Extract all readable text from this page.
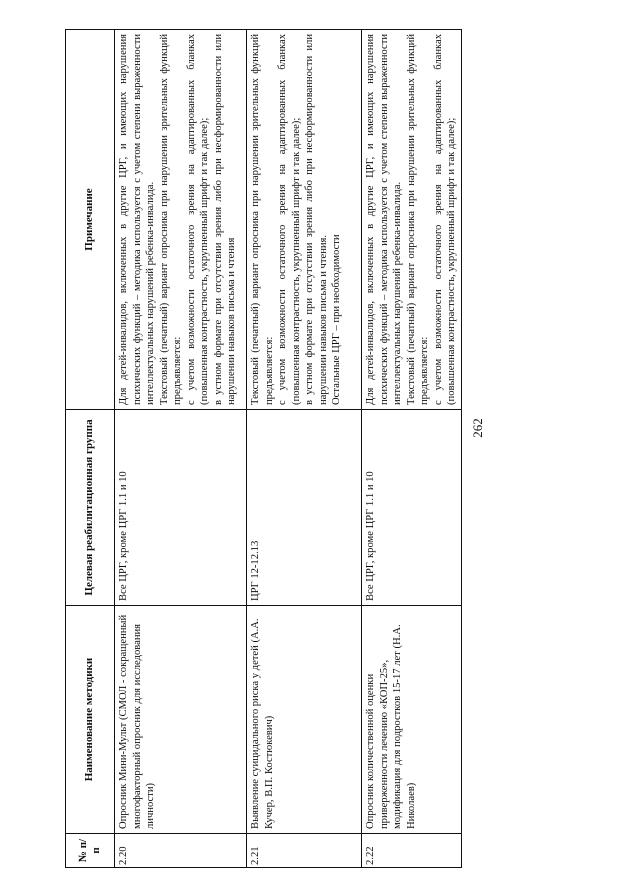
262
№ п/п	Наименование методики	Целевая реабилитационная группа	Примечание
2.20	Опросник Мини-Мульт (СМОЛ - сокращенный многофакторный опросник для исследования личности)	Все ЦРГ, кроме ЦРГ 1.1 и 10	Для детей-инвалидов, включенных в другие ЦРГ, и имеющих нарушения психических функций – методика используется с учетом степени выраженности интеллектуальных нарушений ребенка-инвалида. Текстовый (печатный) вариант опросника при нарушении зрительных функций предъявляется: с учетом возможности остаточного зрения на адаптированных бланках (повышенная контрастность, укрупненный шрифт и так далее); в устном формате при отсутствии зрения либо при несформированности или нарушении навыков письма и чтения

2.21	Выявление суицидального риска у детей (А.А. Кучер, В.П. Костюкевич)	ЦРГ 12-12.13	Текстовый (печатный) вариант опросника при нарушении зрительных функций предъявляется: с учетом возможности остаточного зрения на адаптированных бланках (повышенная контрастность, укрупненный шрифт и так далее); в устном формате при отсутствии зрения либо при несформированности или нарушении навыков письма и чтения. Остальные ЦРГ – при необходимости

2.22	Опросник количественной оценки приверженности лечению «КОП-25», модификация для подростков 15-17 лет (Н.А. Николаев)	Все ЦРГ, кроме ЦРГ 1.1 и 10	Для детей-инвалидов, включенных в другие ЦРГ, и имеющих нарушения психических функций – методика используется с учетом степени выраженности интеллектуальных нарушений ребенка-инвалида. Текстовый (печатный) вариант опросника при нарушении зрительных функций предъявляется: с учетом возможности остаточного зрения на адаптированных бланках (повышенная контрастность, укрупненный шрифт и так далее);
